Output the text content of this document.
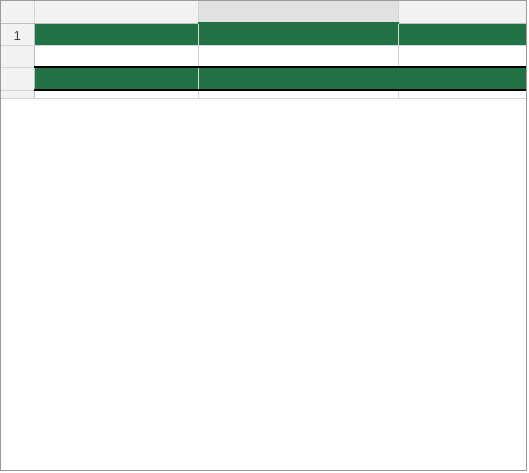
1			
